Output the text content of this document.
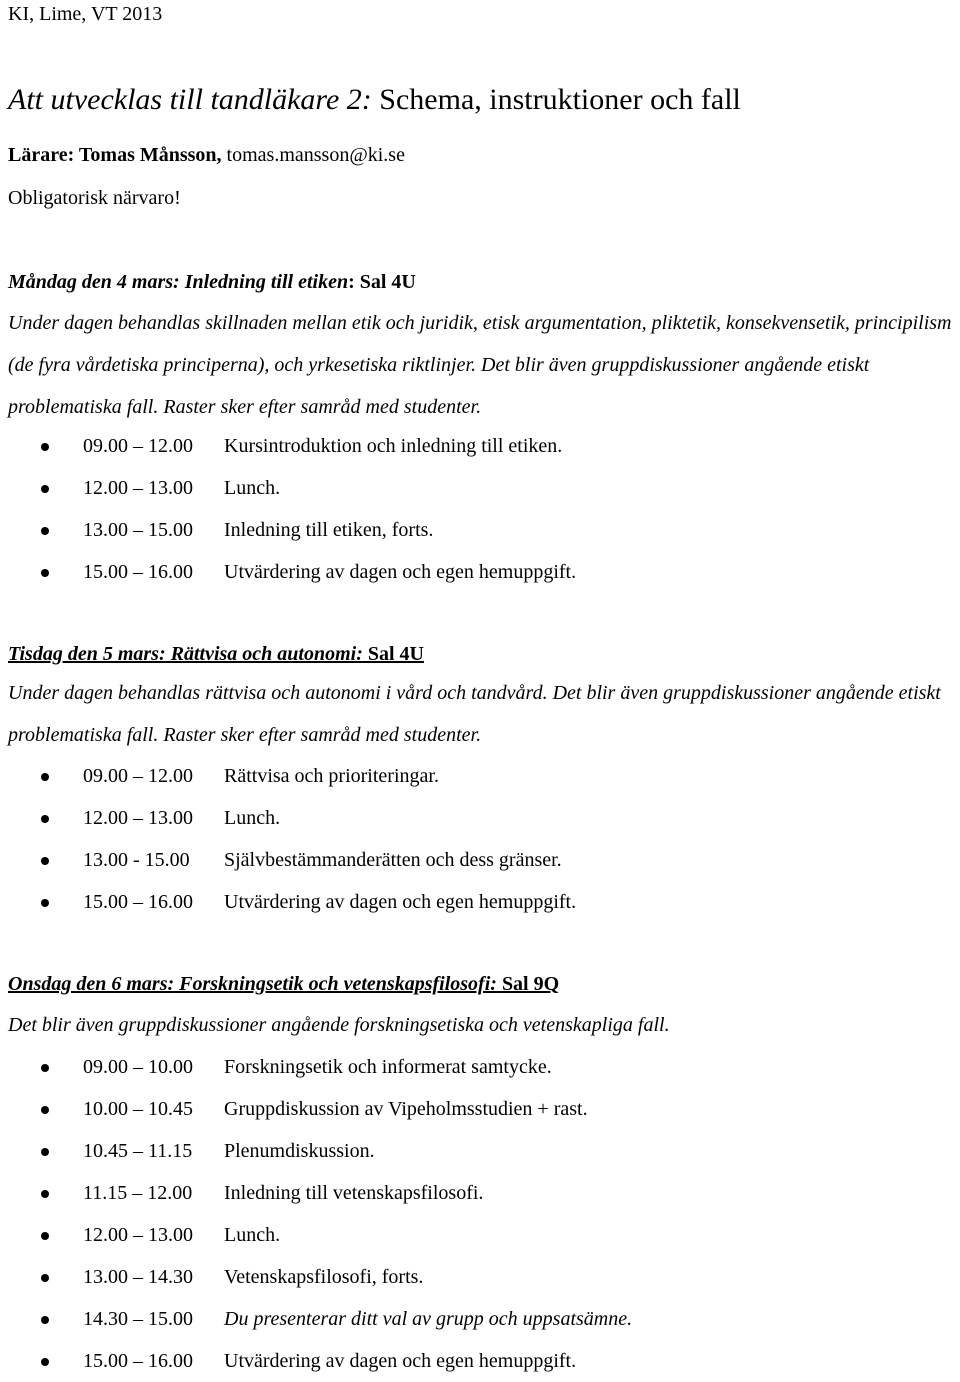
KI, Lime, VT 2013
Att utvecklas till tandläkare 2: Schema, instruktioner och fall
Lärare: Tomas Månsson, tomas.mansson@ki.se
Obligatorisk närvaro!
Måndag den 4 mars: Inledning till etiken: Sal 4U
Under dagen behandlas skillnaden mellan etik och juridik, etisk argumentation, pliktetik, konsekvensetik, principilism (de fyra vårdetiska principerna), och yrkesetiska riktlinjer. Det blir även gruppdiskussioner angående etiskt problematiska fall. Raster sker efter samråd med studenter.
09.00 – 12.00 Kursintroduktion och inledning till etiken.
12.00 – 13.00 Lunch.
13.00 – 15.00 Inledning till etiken, forts.
15.00 – 16.00 Utvärdering av dagen och egen hemuppgift.
Tisdag den 5 mars: Rättvisa och autonomi: Sal 4U
Under dagen behandlas rättvisa och autonomi i vård och tandvård. Det blir även gruppdiskussioner angående etiskt problematiska fall. Raster sker efter samråd med studenter.
09.00 – 12.00 Rättvisa och prioriteringar.
12.00 – 13.00 Lunch.
13.00 - 15.00 Självbestämmanderätten och dess gränser.
15.00 – 16.00 Utvärdering av dagen och egen hemuppgift.
Onsdag den 6 mars: Forskningsetik och vetenskapsfilosofi: Sal 9Q
Det blir även gruppdiskussioner angående forskningsetiska och vetenskapliga fall.
09.00 – 10.00 Forskningsetik och informerat samtycke.
10.00 – 10.45 Gruppdiskussion av Vipeholmsstudien + rast.
10.45 – 11.15 Plenumdiskussion.
11.15 – 12.00 Inledning till vetenskapsfilosofi.
12.00 – 13.00 Lunch.
13.00 – 14.30 Vetenskapsfilosofi, forts.
14.30 – 15.00 Du presenterar ditt val av grupp och uppsatsämne.
15.00 – 16.00 Utvärdering av dagen och egen hemuppgift.
